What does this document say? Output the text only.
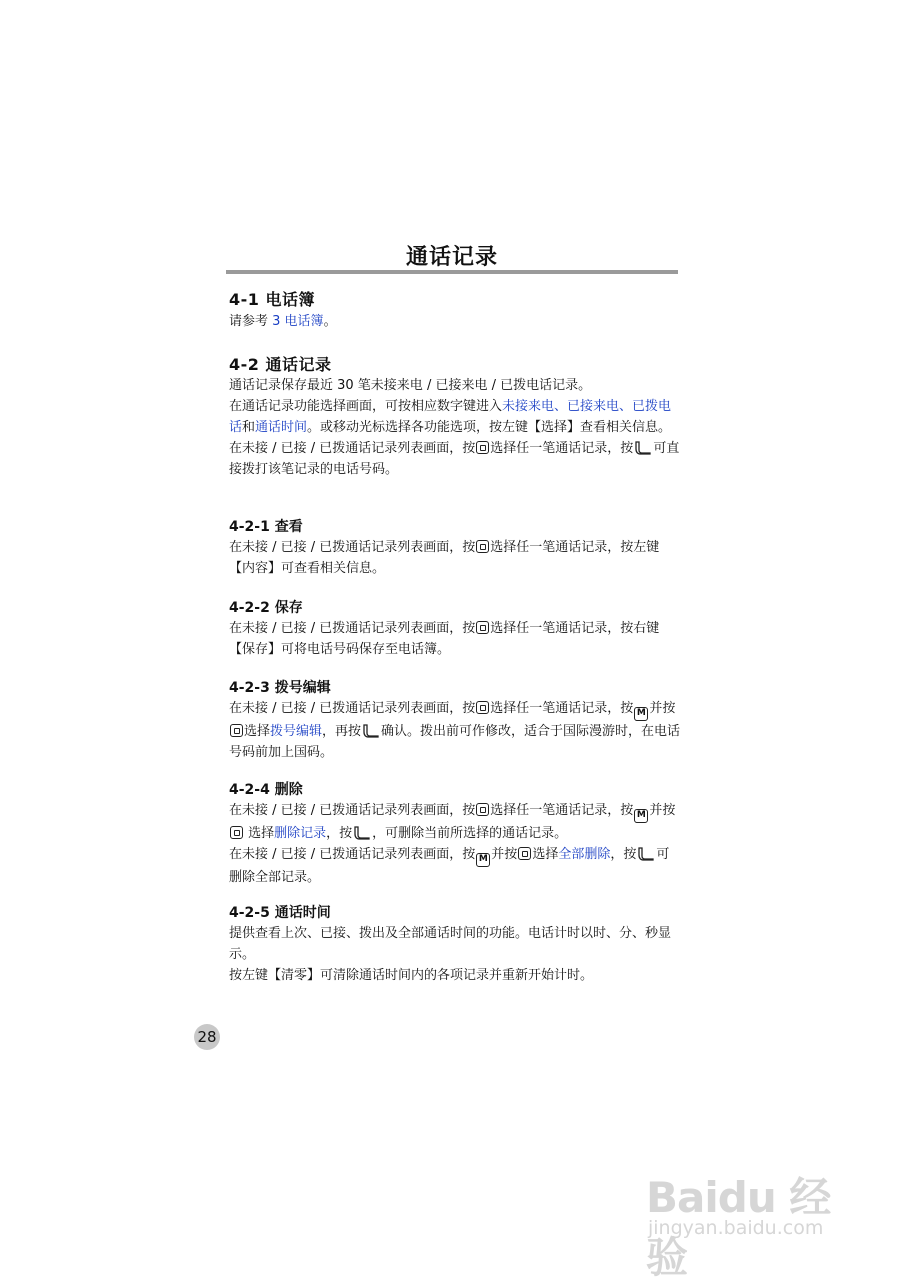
通话记录
4-1 电话簿

请参考 3 电话簿。

4-2 通话记录

通话记录保存最近 30 笔未接来电 / 已接来电 / 已拨电话记录。
在通话记录功能选择画面，可按相应数字键进入未接来电、已接来电、已拨电话和通话时间。或移动光标选择各功能选项，按左键【选择】查看相关信息。
在未接 / 已接 / 已拨通话记录列表画面，按 选择任一笔通话记录，按 可直接拨打该笔记录的电话号码。

4-2-1 查看

在未接 / 已接 / 已拨通话记录列表画面，按 选择任一笔通话记录，按左键【内容】可查看相关信息。

4-2-2 保存

在未接 / 已接 / 已拨通话记录列表画面，按 选择任一笔通话记录，按右键【保存】可将电话号码保存至电话簿。

4-2-3 拨号编辑

在未接 / 已接 / 已拨通话记录列表画面，按 选择任一笔通话记录，按 M 并按选择拨号编辑，再按 确认。拨出前可作修改，适合于国际漫游时，在电话号码前加上国码。

4-2-4 删除

在未接 / 已接 / 已拨通话记录列表画面，按 选择任一笔通话记录，按 M 并按 选择删除记录，按 ，可删除当前所选择的通话记录。
在未接 / 已接 / 已拨通话记录列表画面，按 M 并按 选择全部删除，按 可删除全部记录。

4-2-5 通话时间

提供查看上次、已接、拨出及全部通话时间的功能。电话计时以时、分、秒显示。
按左键【清零】可清除通话时间内的各项记录并重新开始计时。

28
Baidu 经验
jingyan.baidu.com
